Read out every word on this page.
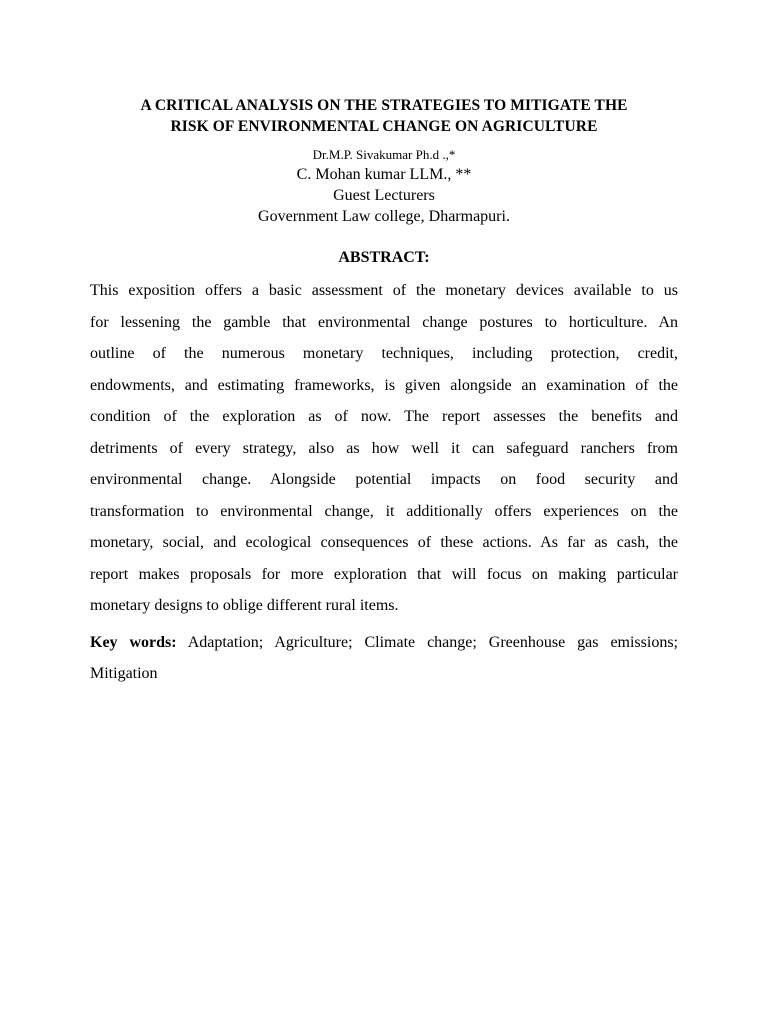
A CRITICAL ANALYSIS ON THE STRATEGIES TO MITIGATE THE
RISK OF ENVIRONMENTAL CHANGE ON AGRICULTURE
Dr.M.P. Sivakumar Ph.d .,*
C. Mohan kumar LLM., **
Guest Lecturers
Government Law college, Dharmapuri.
ABSTRACT:

This exposition offers a basic assessment of the monetary devices available to us
for lessening the gamble that environmental change postures to horticulture. An
outline of the numerous monetary techniques, including protection, credit,
endowments, and estimating frameworks, is given alongside an examination of the
condition of the exploration as of now. The report assesses the benefits and
detriments of every strategy, also as how well it can safeguard ranchers from
environmental change. Alongside potential impacts on food security and
transformation to environmental change, it additionally offers experiences on the
monetary, social, and ecological consequences of these actions. As far as cash, the
report makes proposals for more exploration that will focus on making particular
monetary designs to oblige different rural items.

Key words: Adaptation; Agriculture; Climate change; Greenhouse gas emissions;
Mitigation
